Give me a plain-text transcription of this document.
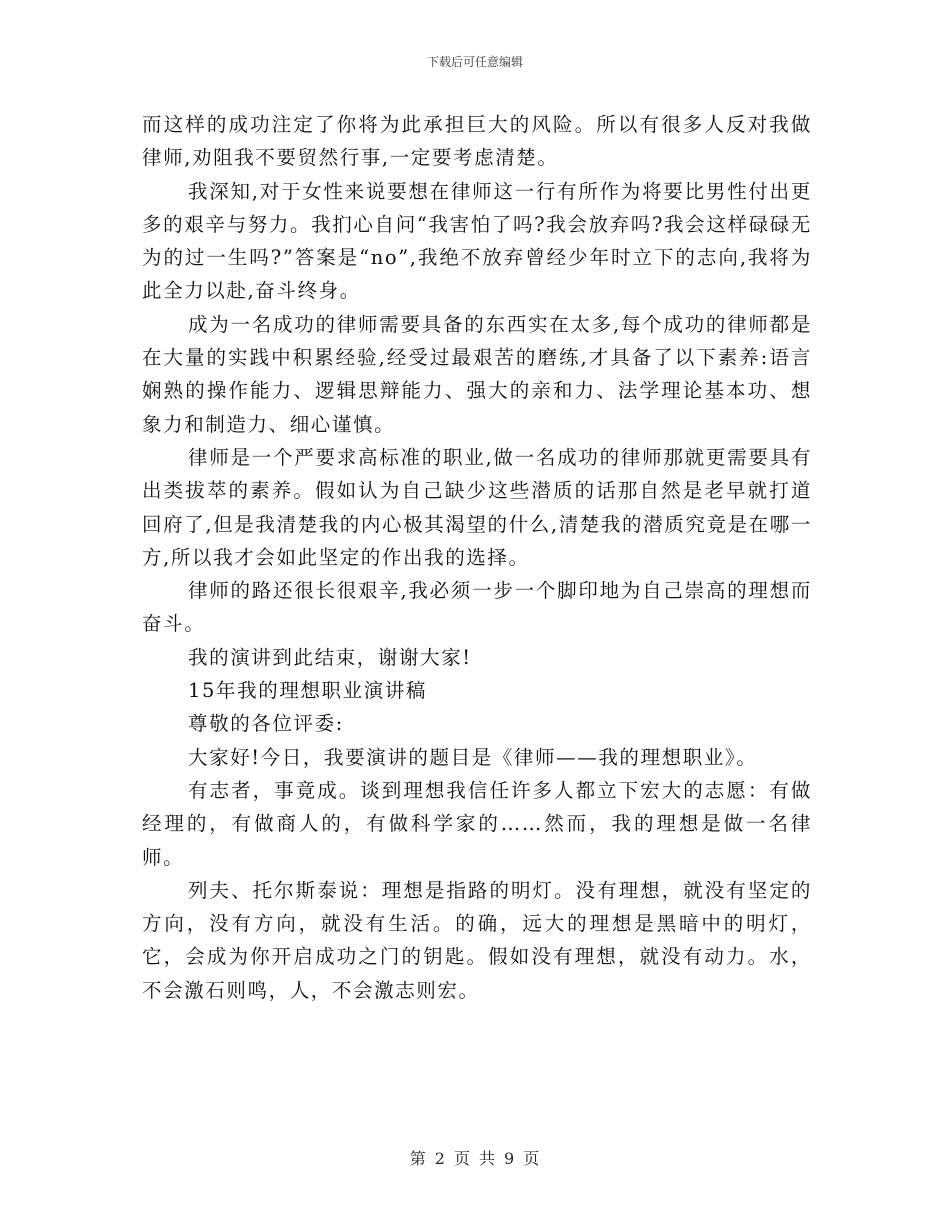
下载后可任意编辑

而这样的成功注定了你将为此承担巨大的风险。所以有很多人反对我做律师,劝阻我不要贸然行事,一定要考虑清楚。

我深知,对于女性来说要想在律师这一行有所作为将要比男性付出更多的艰辛与努力。我扪心自问“我害怕了吗?我会放弃吗?我会这样碌碌无为的过一生吗?”答案是“no”,我绝不放弃曾经少年时立下的志向,我将为此全力以赴,奋斗终身。

成为一名成功的律师需要具备的东西实在太多,每个成功的律师都是在大量的实践中积累经验,经受过最艰苦的磨练,才具备了以下素养:语言娴熟的操作能力、逻辑思辩能力、强大的亲和力、法学理论基本功、想象力和制造力、细心谨慎。

律师是一个严要求高标准的职业,做一名成功的律师那就更需要具有出类拔萃的素养。假如认为自己缺少这些潜质的话那自然是老早就打道回府了,但是我清楚我的内心极其渴望的什么,清楚我的潜质究竟是在哪一方,所以我才会如此坚定的作出我的选择。

律师的路还很长很艰辛,我必须一步一个脚印地为自己崇高的理想而奋斗。

我的演讲到此结束，谢谢大家!

15年我的理想职业演讲稿

尊敬的各位评委:

大家好!今日，我要演讲的题目是《律师——我的理想职业》。

有志者，事竟成。谈到理想我信任许多人都立下宏大的志愿：有做经理的，有做商人的，有做科学家的……然而，我的理想是做一名律师。

列夫、托尔斯泰说：理想是指路的明灯。没有理想，就没有坚定的方向，没有方向，就没有生活。的确，远大的理想是黑暗中的明灯，它，会成为你开启成功之门的钥匙。假如没有理想，就没有动力。水，不会激石则鸣，人，不会激志则宏。

第 2 页 共 9 页
